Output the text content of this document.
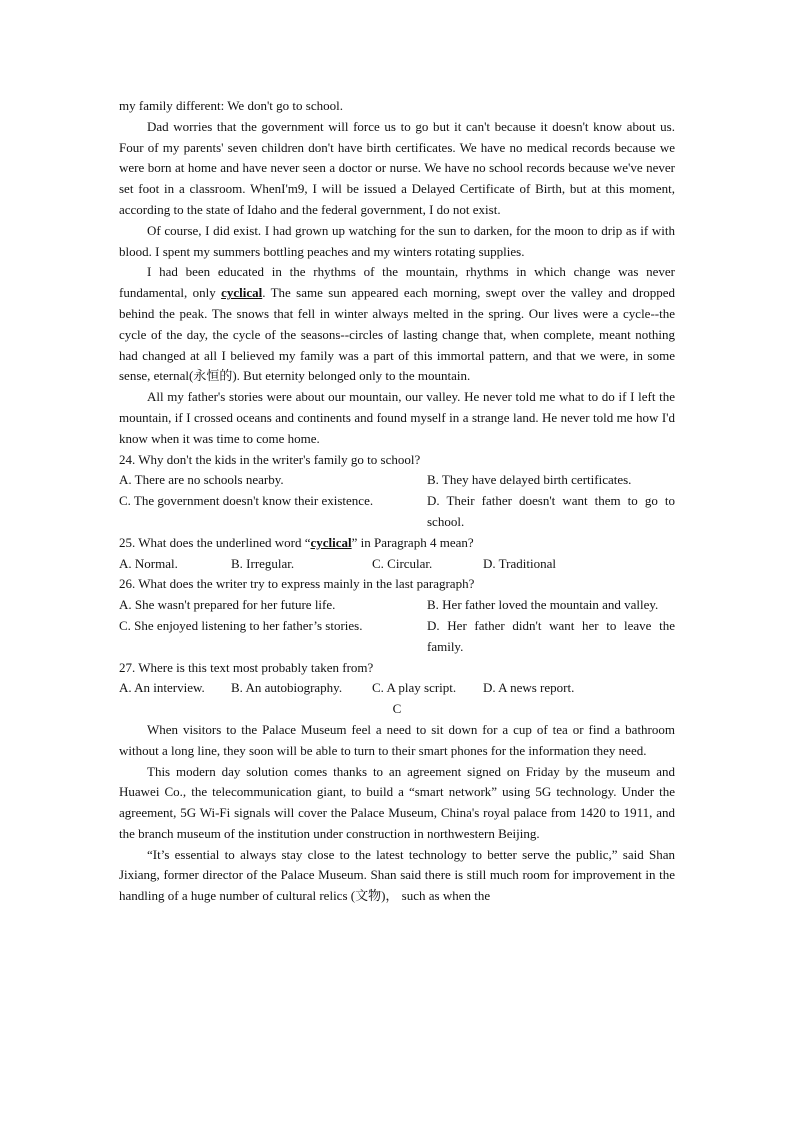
my family different: We don't go to school.

Dad worries that the government will force us to go but it can't because it doesn't know about us. Four of my parents' seven children don't have birth certificates. We have no medical records because we were born at home and have never seen a doctor or nurse. We have no school records because we've never set foot in a classroom. WhenI'm9, I will be issued a Delayed Certificate of Birth, but at this moment, according to the state of Idaho and the federal government, I do not exist.

Of course, I did exist. I had grown up watching for the sun to darken, for the moon to drip as if with blood. I spent my summers bottling peaches and my winters rotating supplies.

I had been educated in the rhythms of the mountain, rhythms in which change was never fundamental, only cyclical. The same sun appeared each morning, swept over the valley and dropped behind the peak. The snows that fell in winter always melted in the spring. Our lives were a cycle--the cycle of the day, the cycle of the seasons--circles of lasting change that, when complete, meant nothing had changed at all I believed my family was a part of this immortal pattern, and that we were, in some sense, eternal(永恒的). But eternity belonged only to the mountain.

All my father's stories were about our mountain, our valley. He never told me what to do if I left the mountain, if I crossed oceans and continents and found myself in a strange land. He never told me how I'd know when it was time to come home.

24. Why don't the kids in the writer's family go to school?

A. There are no schools nearby.	B. They have delayed birth certificates.
C. The government doesn't know their existence.	D. Their father doesn't want them to go to school.

25. What does the underlined word “cyclical” in Paragraph 4 mean?

A. Normal.	B. Irregular.	C. Circular.	D. Traditional

26. What does the writer try to express mainly in the last paragraph?

A. She wasn't prepared for her future life.	B. Her father loved the mountain and valley.
C. She enjoyed listening to her father’s stories.	D. Her father didn't want her to leave the family.

27. Where is this text most probably taken from?

A. An interview.	B. An autobiography.	C. A play script.	D. A news report.

C

When visitors to the Palace Museum feel a need to sit down for a cup of tea or find a bathroom without a long line, they soon will be able to turn to their smart phones for the information they need.

This modern day solution comes thanks to an agreement signed on Friday by the museum and Huawei Co., the telecommunication giant, to build a “smart network” using 5G technology. Under the agreement, 5G Wi-Fi signals will cover the Palace Museum, China's royal palace from 1420 to 1911, and the branch museum of the institution under construction in northwestern Beijing.

“It’s essential to always stay close to the latest technology to better serve the public,” said Shan Jixiang, former director of the Palace Museum. Shan said there is still much room for improvement in the handling of a huge number of cultural relics (文物)， such as when the
